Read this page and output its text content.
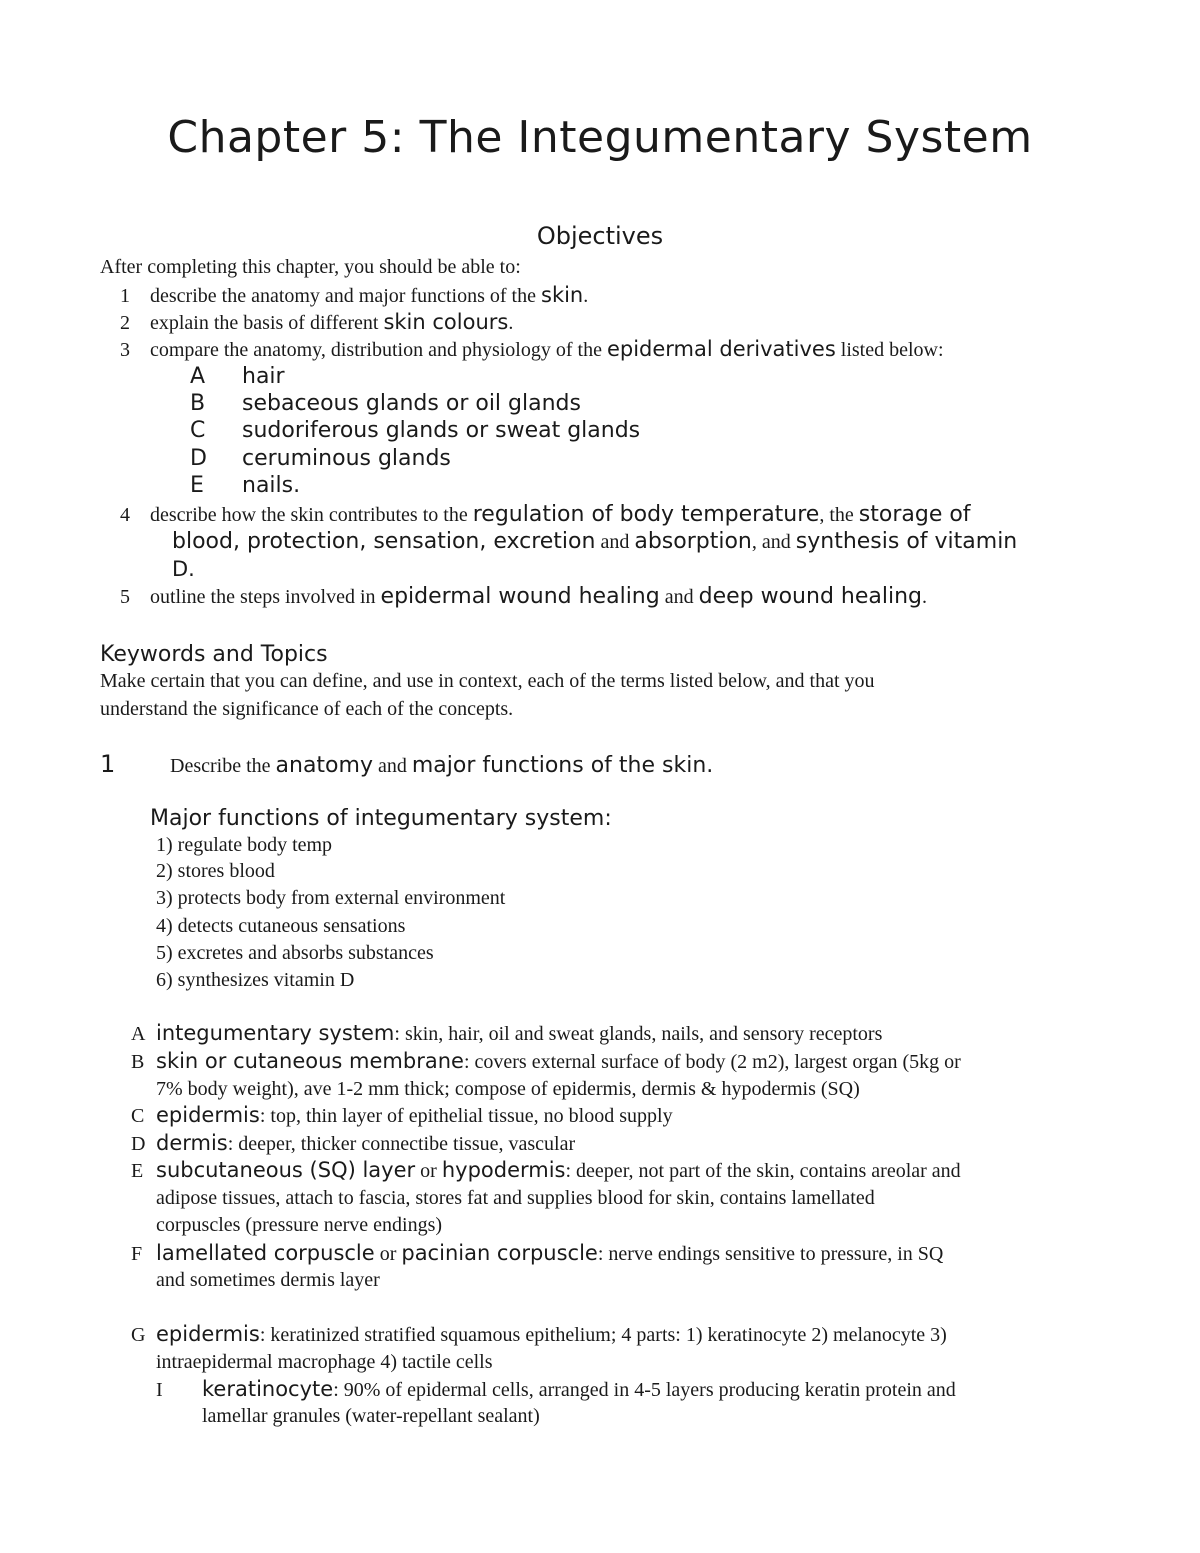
Chapter 5: The Integumentary System
Objectives
After completing this chapter, you should be able to:
1 describe the anatomy and major functions of the skin.
2 explain the basis of different skin colours.
3 compare the anatomy, distribution and physiology of the epidermal derivatives listed below:
A hair
B sebaceous glands or oil glands
C sudoriferous glands or sweat glands
D ceruminous glands
E nails.
4 describe how the skin contributes to the regulation of body temperature, the storage of
blood, protection, sensation, excretion and absorption, and synthesis of vitamin
D.
5 outline the steps involved in epidermal wound healing and deep wound healing.
Keywords and Topics
Make certain that you can define, and use in context, each of the terms listed below, and that you
understand the significance of each of the concepts.
1	Describe the anatomy and major functions of the skin.
Major functions of integumentary system:
1) regulate body temp
2) stores blood
3) protects body from external environment
4) detects cutaneous sensations
5) excretes and absorbs substances
6) synthesizes vitamin D
A integumentary system: skin, hair, oil and sweat glands, nails, and sensory receptors
B skin or cutaneous membrane: covers external surface of body (2 m2), largest organ (5kg or
7% body weight), ave 1-2 mm thick; compose of epidermis, dermis & hypodermis (SQ)
C epidermis: top, thin layer of epithelial tissue, no blood supply
D dermis: deeper, thicker connectibe tissue, vascular
E subcutaneous (SQ) layer or hypodermis: deeper, not part of the skin, contains areolar and
adipose tissues, attach to fascia, stores fat and supplies blood for skin, contains lamellated
corpuscles (pressure nerve endings)
F lamellated corpuscle or pacinian corpuscle: nerve endings sensitive to pressure, in SQ
and sometimes dermis layer
G epidermis: keratinized stratified squamous epithelium; 4 parts: 1) keratinocyte 2) melanocyte 3)
intraepidermal macrophage 4) tactile cells
I keratinocyte: 90% of epidermal cells, arranged in 4-5 layers producing keratin protein and
lamellar granules (water-repellant sealant)
